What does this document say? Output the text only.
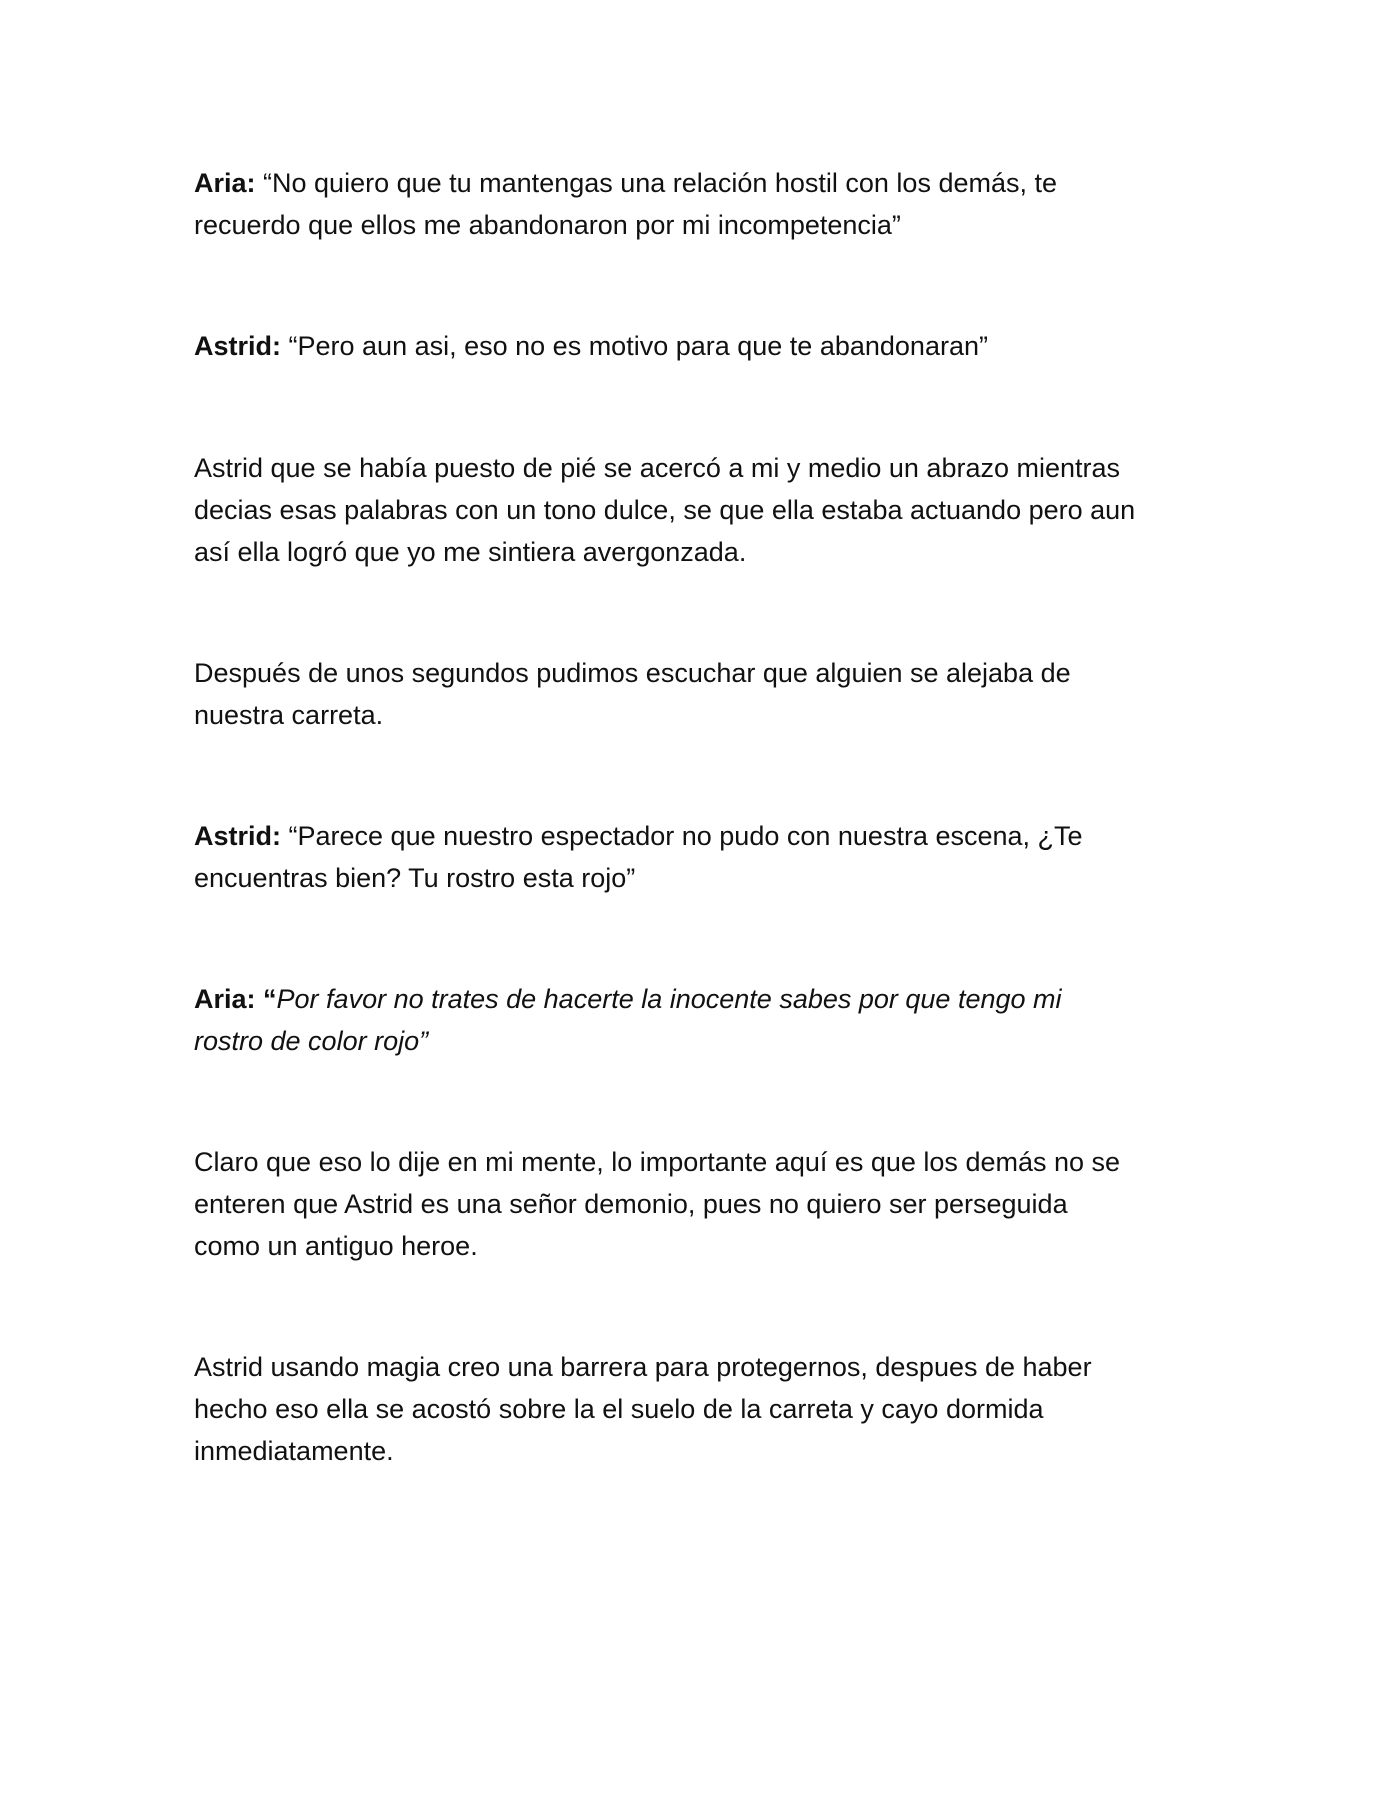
Aria: “No quiero que tu mantengas una relación hostil con los demás, te
recuerdo que ellos me abandonaron por mi incompetencia”

Astrid: “Pero aun asi, eso no es motivo para que te abandonaran”

Astrid que se había puesto de pié se acercó a mi y medio un abrazo mientras
decias esas palabras con un tono dulce, se que ella estaba actuando pero aun
así ella logró que yo me sintiera avergonzada.

Después de unos segundos pudimos escuchar que alguien se alejaba de
nuestra carreta.

Astrid: “Parece que nuestro espectador no pudo con nuestra escena, ¿Te
encuentras bien? Tu rostro esta rojo”

Aria: “Por favor no trates de hacerte la inocente sabes por que tengo mi
rostro de color rojo”

Claro que eso lo dije en mi mente, lo importante aquí es que los demás no se
enteren que Astrid es una señor demonio, pues no quiero ser perseguida
como un antiguo heroe.

Astrid usando magia creo una barrera para protegernos, despues de haber
hecho eso ella se acostó sobre la el suelo de la carreta y cayo dormida
inmediatamente.
